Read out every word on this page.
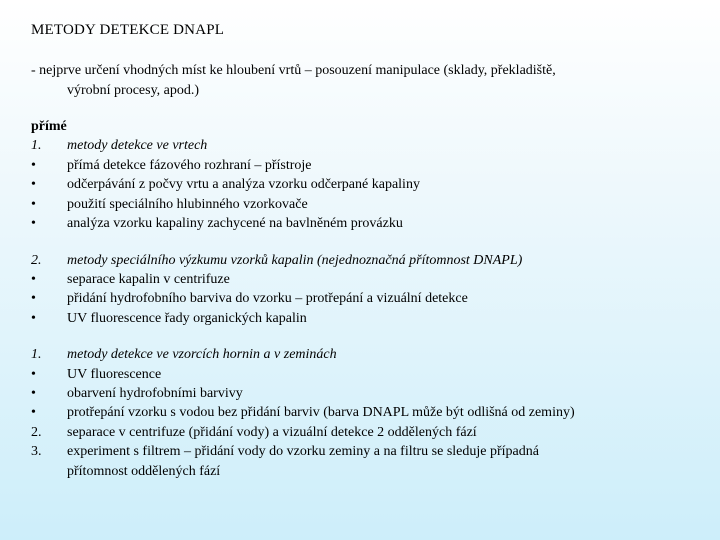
METODY DETEKCE DNAPL
- nejprve určení vhodných míst ke hloubení vrtů – posouzení manipulace (sklady, překladiště,
výrobní procesy, apod.)
přímé
1.	metody detekce ve vrtech
•	přímá detekce fázového rozhraní – přístroje
•	odčerpávání z počvy vrtu a analýza vzorku odčerpané kapaliny
•	použití speciálního hlubinného vzorkovače
•	analýza vzorku kapaliny zachycené na bavlněném provázku
2.	metody speciálního výzkumu vzorků kapalin (nejednoznačná přítomnost DNAPL)
•	separace kapalin v centrifuze
•	přidání hydrofobního barviva do vzorku – protřepání a vizuální detekce
•	UV fluorescence řady organických kapalin
1.	metody detekce ve vzorcích hornin a v zeminách
•	UV fluorescence
•	obarvení hydrofobními barvivy
•	protřepání vzorku s vodou bez přidání barviv (barva DNAPL může být odlišná od zeminy)
2.	separace v centrifuze (přidání vody) a vizuální detekce 2 oddělených fází
3.	experiment s filtrem – přidání vody do vzorku zeminy a na filtru se sleduje případná
přítomnost oddělených fází
